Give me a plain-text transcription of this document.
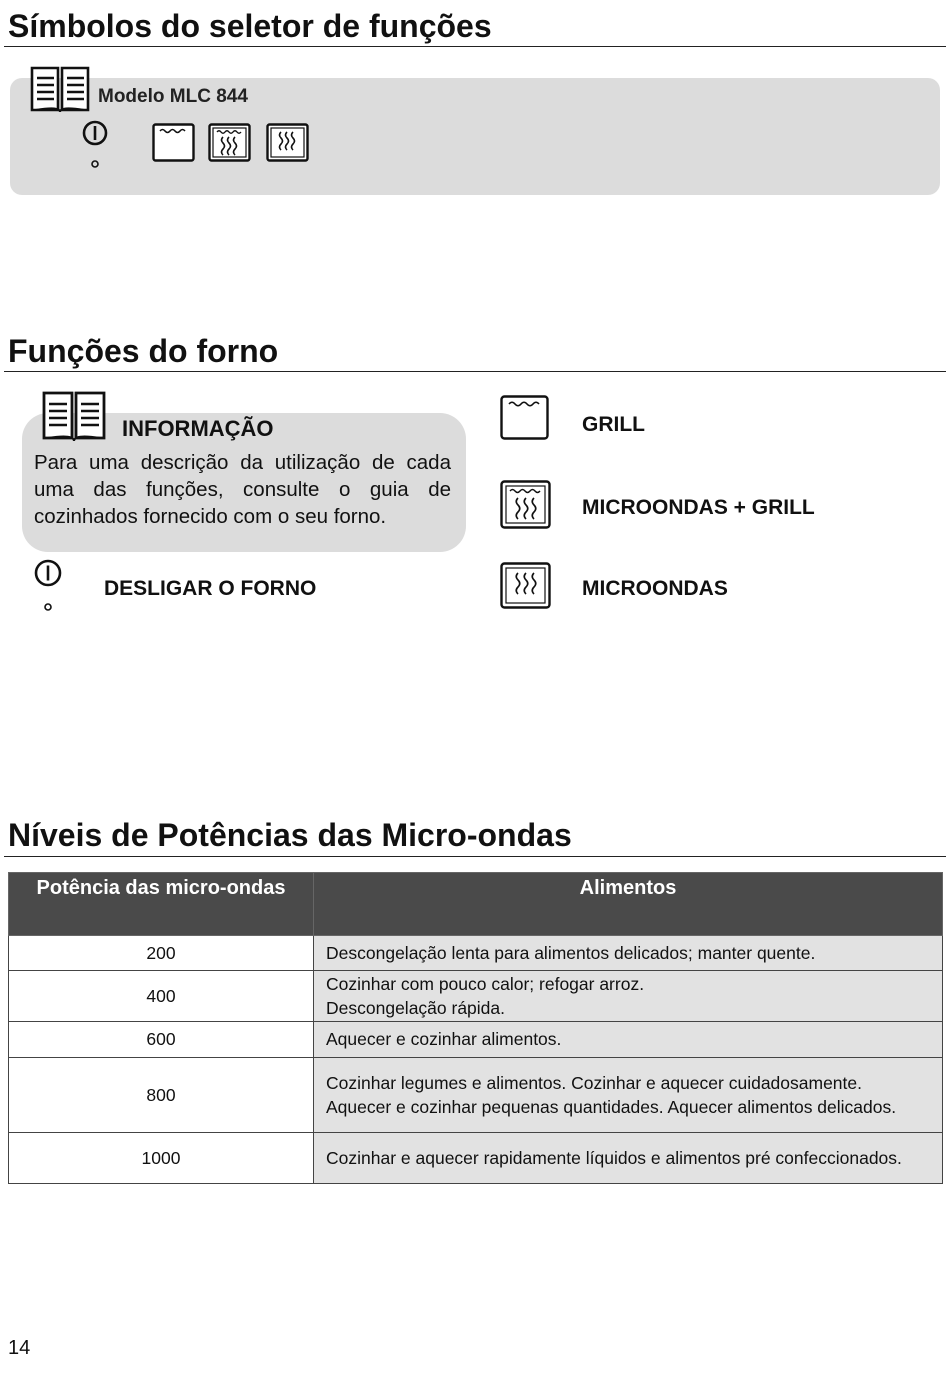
Símbolos do seletor de funções
Modelo MLC 844
Funções do forno
INFORMAÇÃO
Para uma descrição da utilização de cada uma das funções, consulte o guia de cozinhados fornecido com o seu forno.
DESLIGAR O FORNO
GRILL
MICROONDAS + GRILL
MICROONDAS
Níveis de Potências das Micro-ondas
Potência das micro-ondas	Alimentos
200	Descongelação lenta para alimentos delicados; manter quente.
400	Cozinhar com pouco calor; refogar arroz.
Descongelação rápida.
600	Aquecer e cozinhar alimentos.
800	Cozinhar legumes e alimentos. Cozinhar e aquecer cuidadosamente. Aquecer e cozinhar pequenas quantidades. Aquecer alimentos delicados.
1000	Cozinhar e aquecer rapidamente líquidos e alimentos pré confeccionados.
14
